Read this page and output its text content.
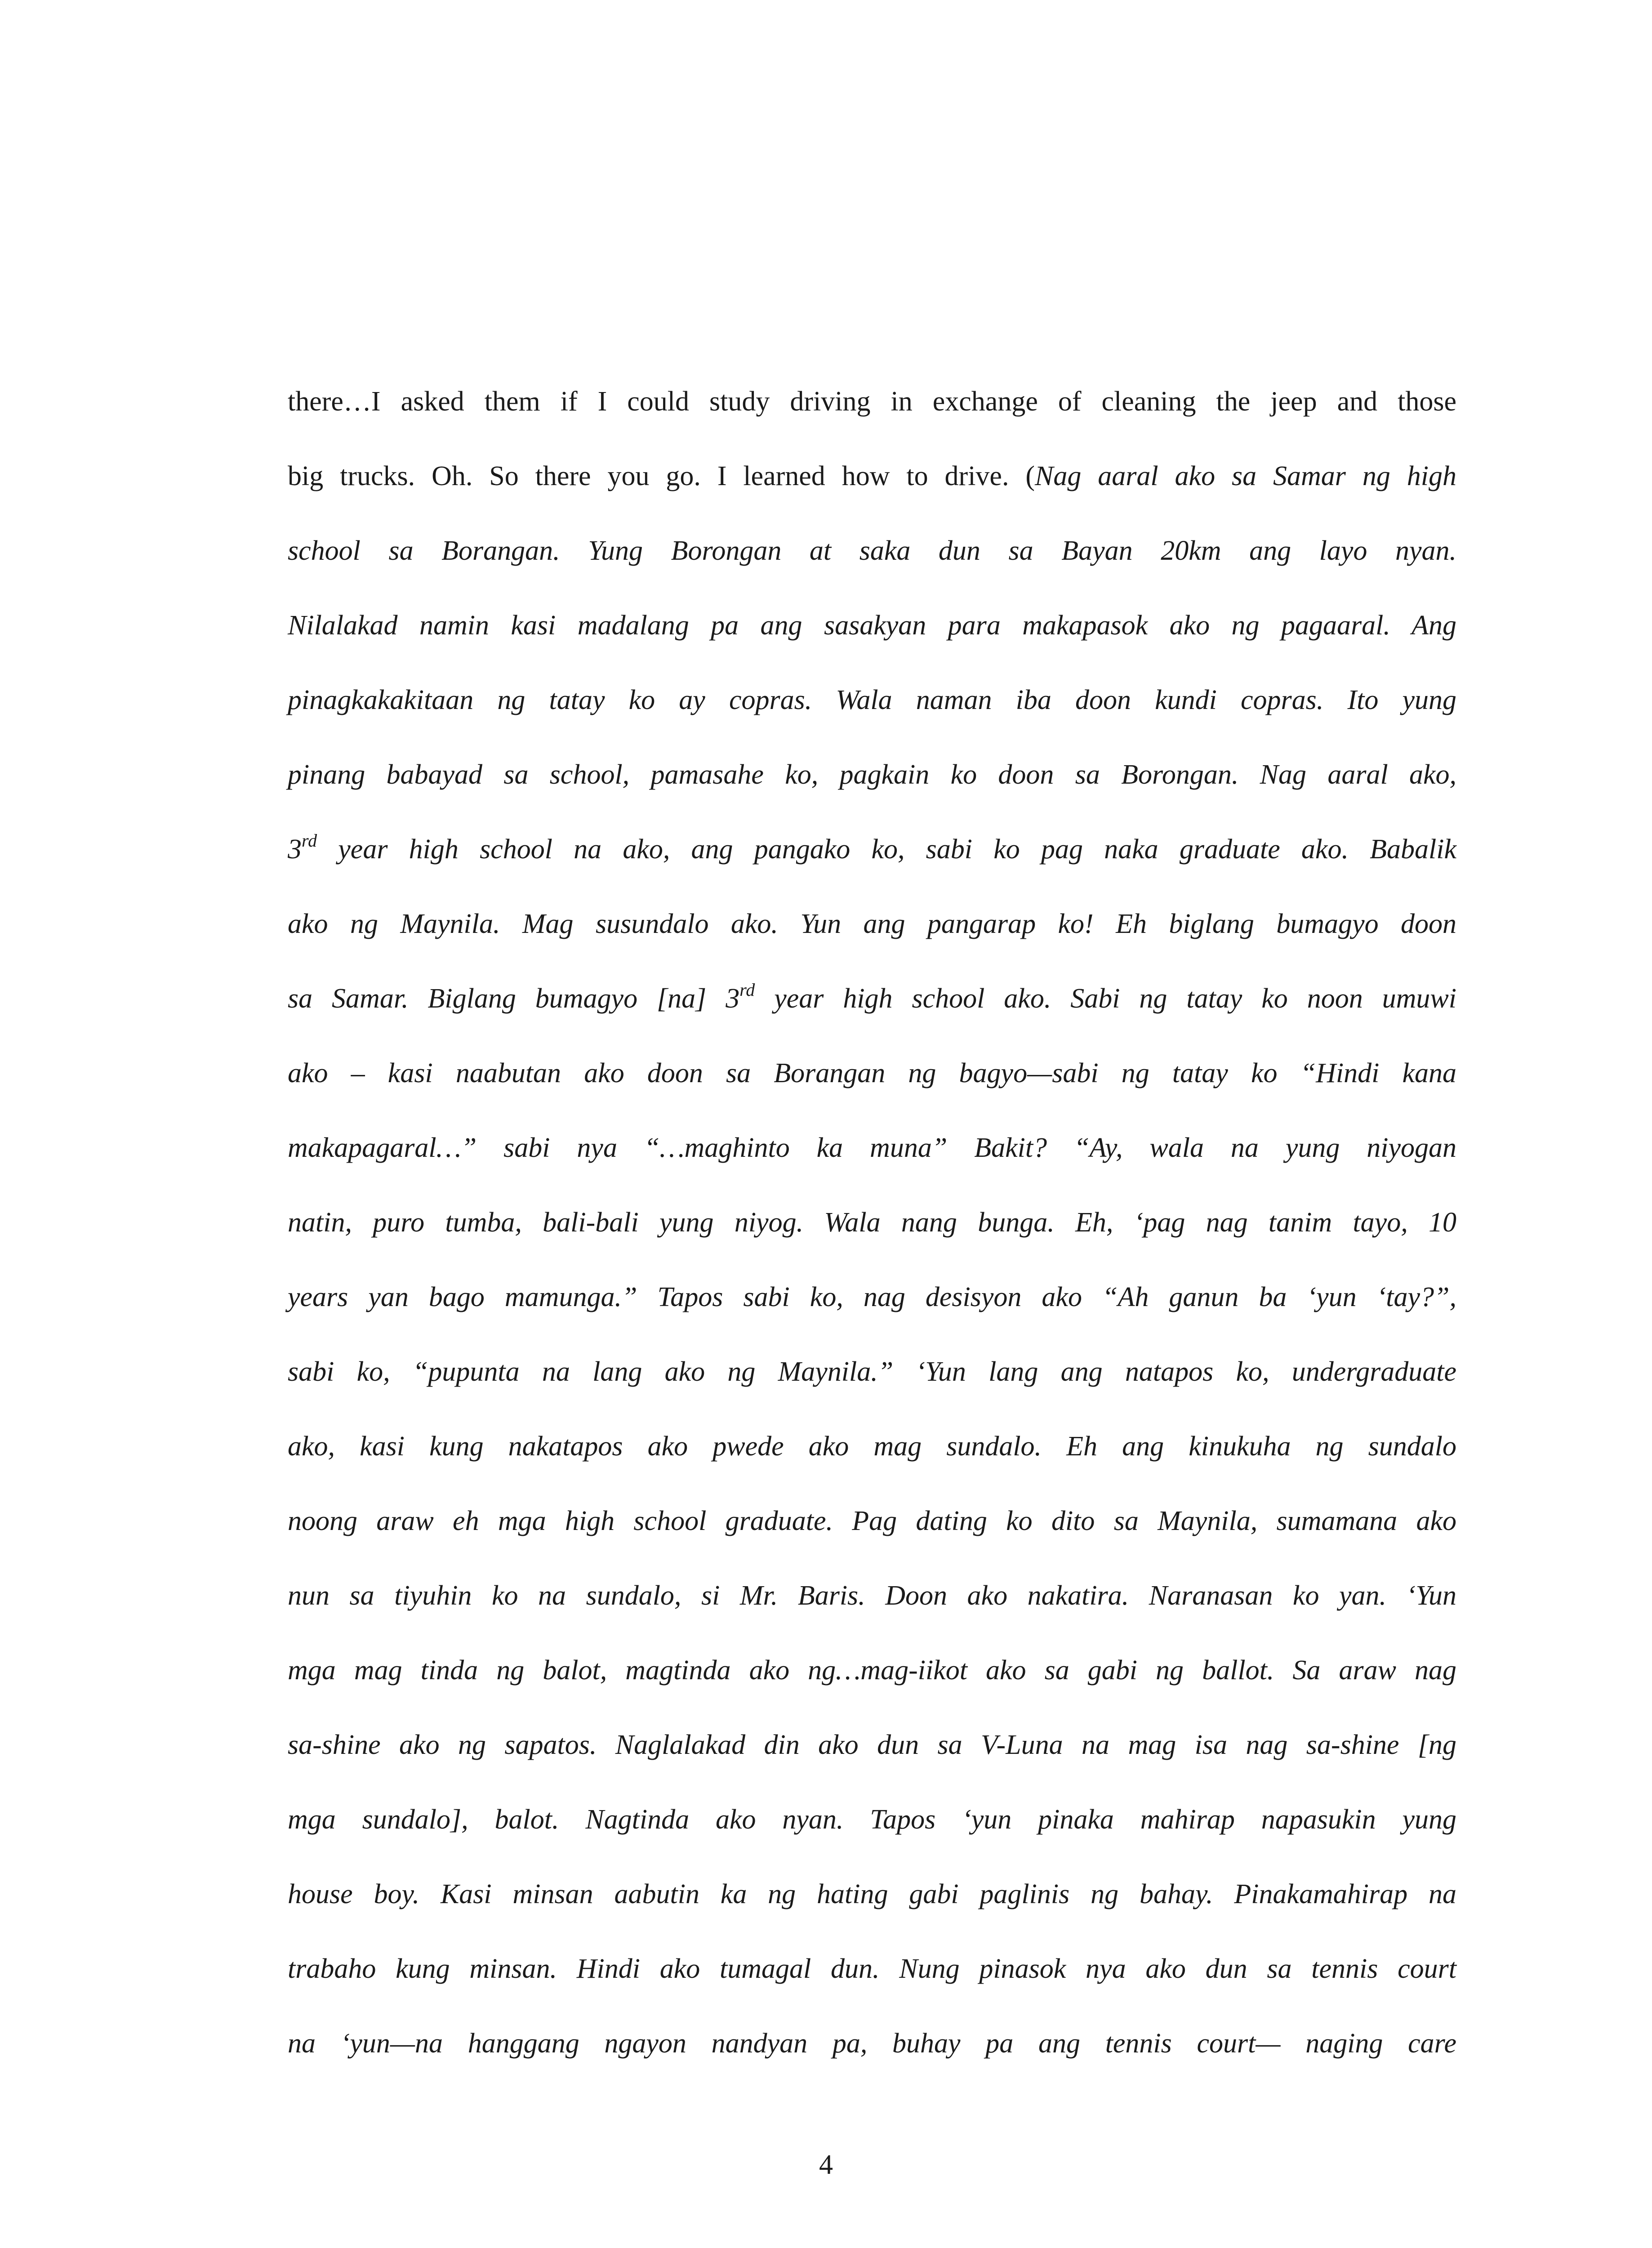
there…I asked them if I could study driving in exchange of cleaning the jeep and those
big trucks. Oh. So there you go. I learned how to drive. (Nag aaral ako sa Samar ng high
school sa Borangan. Yung Borongan at saka dun sa Bayan 20km ang layo nyan.
Nilalakad namin kasi madalang pa ang sasakyan para makapasok ako ng pagaaral. Ang
pinagkakakitaan ng tatay ko ay copras. Wala naman iba doon kundi copras. Ito yung
pinang babayad sa school, pamasahe ko, pagkain ko doon sa Borongan. Nag aaral ako,
3rd year high school na ako, ang pangako ko, sabi ko pag naka graduate ako. Babalik
ako ng Maynila. Mag susundalo ako. Yun ang pangarap ko! Eh biglang bumagyo doon
sa Samar. Biglang bumagyo [na] 3rd year high school ako. Sabi ng tatay ko noon umuwi
ako – kasi naabutan ako doon sa Borangan ng bagyo—sabi ng tatay ko “Hindi kana
makapagaral…” sabi nya “…maghinto ka muna” Bakit? “Ay, wala na yung niyogan
natin, puro tumba, bali-bali yung niyog. Wala nang bunga. Eh, ‘pag nag tanim tayo, 10
years yan bago mamunga.” Tapos sabi ko, nag desisyon ako “Ah ganun ba ‘yun ‘tay?”,
sabi ko, “pupunta na lang ako ng Maynila.” ‘Yun lang ang natapos ko, undergraduate
ako, kasi kung nakatapos ako pwede ako mag sundalo. Eh ang kinukuha ng sundalo
noong araw eh mga high school graduate. Pag dating ko dito sa Maynila, sumamana ako
nun sa tiyuhin ko na sundalo, si Mr. Baris. Doon ako nakatira. Naranasan ko yan. ‘Yun
mga mag tinda ng balot, magtinda ako ng…mag-iikot ako sa gabi ng ballot. Sa araw nag
sa-shine ako ng sapatos. Naglalakad din ako dun sa V-Luna na mag isa nag sa-shine [ng
mga sundalo], balot. Nagtinda ako nyan. Tapos ‘yun pinaka mahirap napasukin yung
house boy. Kasi minsan aabutin ka ng hating gabi paglinis ng bahay. Pinakamahirap na
trabaho kung minsan. Hindi ako tumagal dun. Nung pinasok nya ako dun sa tennis court
na ‘yun—na hanggang ngayon nandyan pa, buhay pa ang tennis court— naging care

4
